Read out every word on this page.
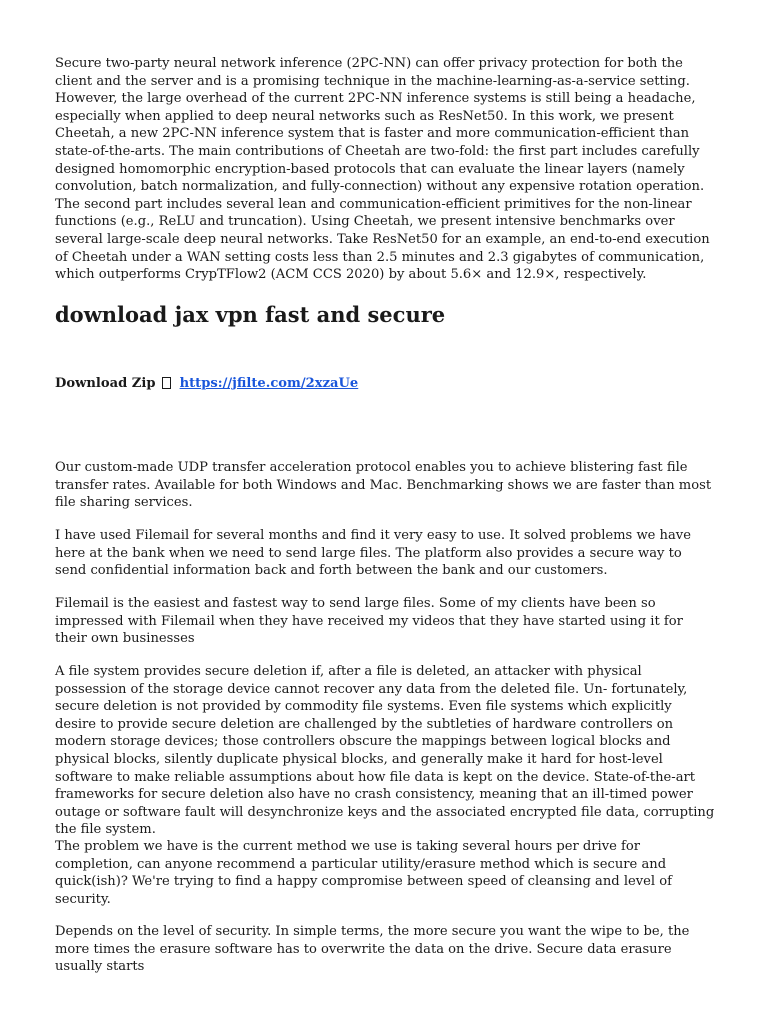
Secure two-party neural network inference (2PC-NN) can offer privacy protection for both the client and the server and is a promising technique in the machine-learning-as-a-service setting. However, the large overhead of the current 2PC-NN inference systems is still being a headache, especially when applied to deep neural networks such as ResNet50. In this work, we present Cheetah, a new 2PC-NN inference system that is faster and more communication-efficient than state-of-the-arts. The main contributions of Cheetah are two-fold: the first part includes carefully designed homomorphic encryption-based protocols that can evaluate the linear layers (namely convolution, batch normalization, and fully-connection) without any expensive rotation operation. The second part includes several lean and communication-efficient primitives for the non-linear functions (e.g., ReLU and truncation). Using Cheetah, we present intensive benchmarks over several large-scale deep neural networks. Take ResNet50 for an example, an end-to-end execution of Cheetah under a WAN setting costs less than 2.5 minutes and 2.3 gigabytes of communication, which outperforms CrypTFlow2 (ACM CCS 2020) by about 5.6× and 12.9×, respectively.

download jax vpn fast and secure
Download Zip https://jfilte.com/2xzaUe

Our custom-made UDP transfer acceleration protocol enables you to achieve blistering fast file transfer rates. Available for both Windows and Mac. Benchmarking shows we are faster than most file sharing services.

I have used Filemail for several months and find it very easy to use. It solved problems we have here at the bank when we need to send large files. The platform also provides a secure way to send confidential information back and forth between the bank and our customers.

Filemail is the easiest and fastest way to send large files. Some of my clients have been so impressed with Filemail when they have received my videos that they have started using it for their own businesses

A file system provides secure deletion if, after a file is deleted, an attacker with physical possession of the storage device cannot recover any data from the deleted file. Un- fortunately, secure deletion is not provided by commodity file systems. Even file systems which explicitly desire to provide secure deletion are challenged by the subtleties of hardware controllers on modern storage devices; those controllers obscure the mappings between logical blocks and physical blocks, silently duplicate physical blocks, and generally make it hard for host-level software to make reliable assumptions about how file data is kept on the device. State-of-the-art frameworks for secure deletion also have no crash consistency, meaning that an ill-timed power outage or software fault will desynchronize keys and the associated encrypted file data, corrupting the file system.

The problem we have is the current method we use is taking several hours per drive for completion, can anyone recommend a particular utility/erasure method which is secure and quick(ish)? We're trying to find a happy compromise between speed of cleansing and level of security.

Depends on the level of security. In simple terms, the more secure you want the wipe to be, the more times the erasure software has to overwrite the data on the drive. Secure data erasure usually starts
